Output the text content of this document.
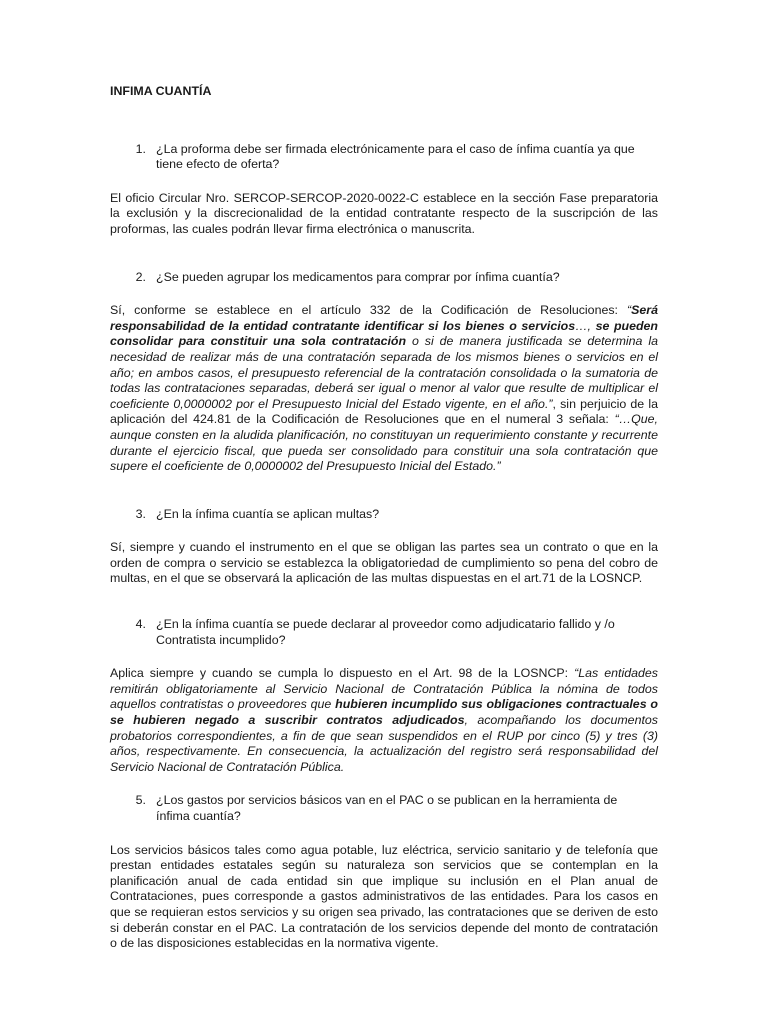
INFIMA CUANTÍA
1. ¿La proforma debe ser firmada electrónicamente para el caso de ínfima cuantía ya que tiene efecto de oferta?

El oficio Circular Nro. SERCOP-SERCOP-2020-0022-C establece en la sección Fase preparatoria la exclusión y la discrecionalidad de la entidad contratante respecto de la suscripción de las proformas, las cuales podrán llevar firma electrónica o manuscrita.

2. ¿Se pueden agrupar los medicamentos para comprar por ínfima cuantía?

Sí, conforme se establece en el artículo 332 de la Codificación de Resoluciones: “Será responsabilidad de la entidad contratante identificar si los bienes o servicios…, se pueden consolidar para constituir una sola contratación o si de manera justificada se determina la necesidad de realizar más de una contratación separada de los mismos bienes o servicios en el año; en ambos casos, el presupuesto referencial de la contratación consolidada o la sumatoria de todas las contrataciones separadas, deberá ser igual o menor al valor que resulte de multiplicar el coeficiente 0,0000002 por el Presupuesto Inicial del Estado vigente, en el año.”, sin perjuicio de la aplicación del 424.81 de la Codificación de Resoluciones que en el numeral 3 señala: “…Que, aunque consten en la aludida planificación, no constituyan un requerimiento constante y recurrente durante el ejercicio fiscal, que pueda ser consolidado para constituir una sola contratación que supere el coeficiente de 0,0000002 del Presupuesto Inicial del Estado.”

3. ¿En la ínfima cuantía se aplican multas?

Sí, siempre y cuando el instrumento en el que se obligan las partes sea un contrato o que en la orden de compra o servicio se establezca la obligatoriedad de cumplimiento so pena del cobro de multas, en el que se observará la aplicación de las multas dispuestas en el art.71 de la LOSNCP.

4. ¿En la ínfima cuantía se puede declarar al proveedor como adjudicatario fallido y /o Contratista incumplido?

Aplica siempre y cuando se cumpla lo dispuesto en el Art. 98 de la LOSNCP: “Las entidades remitirán obligatoriamente al Servicio Nacional de Contratación Pública la nómina de todos aquellos contratistas o proveedores que hubieren incumplido sus obligaciones contractuales o se hubieren negado a suscribir contratos adjudicados, acompañando los documentos probatorios correspondientes, a fin de que sean suspendidos en el RUP por cinco (5) y tres (3) años, respectivamente. En consecuencia, la actualización del registro será responsabilidad del Servicio Nacional de Contratación Pública.

5. ¿Los gastos por servicios básicos van en el PAC o se publican en la herramienta de ínfima cuantía?

Los servicios básicos tales como agua potable, luz eléctrica, servicio sanitario y de telefonía que prestan entidades estatales según su naturaleza son servicios que se contemplan en la planificación anual de cada entidad sin que implique su inclusión en el Plan anual de Contrataciones, pues corresponde a gastos administrativos de las entidades. Para los casos en que se requieran estos servicios y su origen sea privado, las contrataciones que se deriven de esto si deberán constar en el PAC. La contratación de los servicios depende del monto de contratación o de las disposiciones establecidas en la normativa vigente.
